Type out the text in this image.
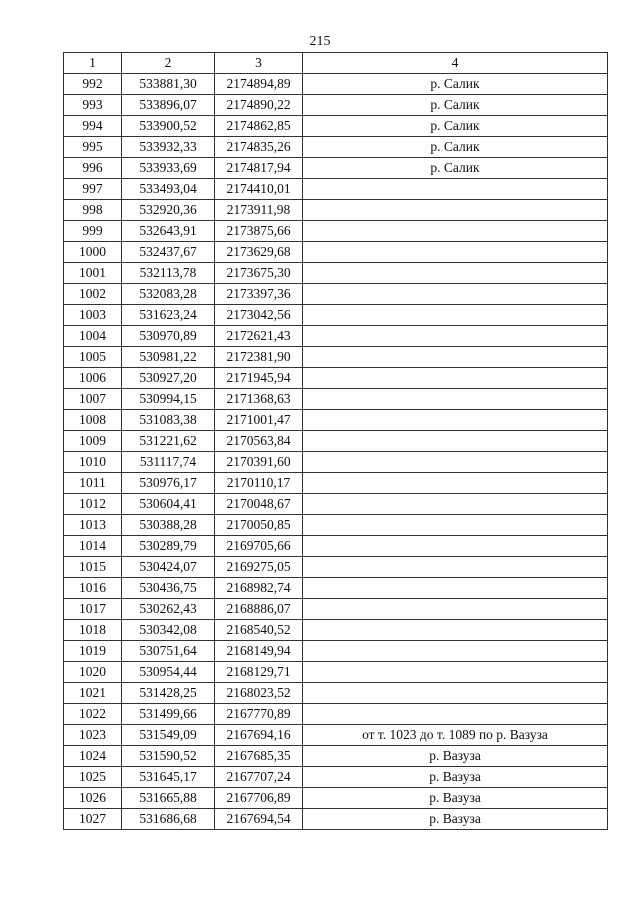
215
1	2	3	4
992	533881,30	2174894,89	р. Салик
993	533896,07	2174890,22	р. Салик
994	533900,52	2174862,85	р. Салик
995	533932,33	2174835,26	р. Салик
996	533933,69	2174817,94	р. Салик
997	533493,04	2174410,01	
998	532920,36	2173911,98	
999	532643,91	2173875,66	
1000	532437,67	2173629,68	
1001	532113,78	2173675,30	
1002	532083,28	2173397,36	
1003	531623,24	2173042,56	
1004	530970,89	2172621,43	
1005	530981,22	2172381,90	
1006	530927,20	2171945,94	
1007	530994,15	2171368,63	
1008	531083,38	2171001,47	
1009	531221,62	2170563,84	
1010	531117,74	2170391,60	
1011	530976,17	2170110,17	
1012	530604,41	2170048,67	
1013	530388,28	2170050,85	
1014	530289,79	2169705,66	
1015	530424,07	2169275,05	
1016	530436,75	2168982,74	
1017	530262,43	2168886,07	
1018	530342,08	2168540,52	
1019	530751,64	2168149,94	
1020	530954,44	2168129,71	
1021	531428,25	2168023,52	
1022	531499,66	2167770,89	
1023	531549,09	2167694,16	от т. 1023 до т. 1089 по р. Вазуза
1024	531590,52	2167685,35	р. Вазуза
1025	531645,17	2167707,24	р. Вазуза
1026	531665,88	2167706,89	р. Вазуза
1027	531686,68	2167694,54	р. Вазуза
